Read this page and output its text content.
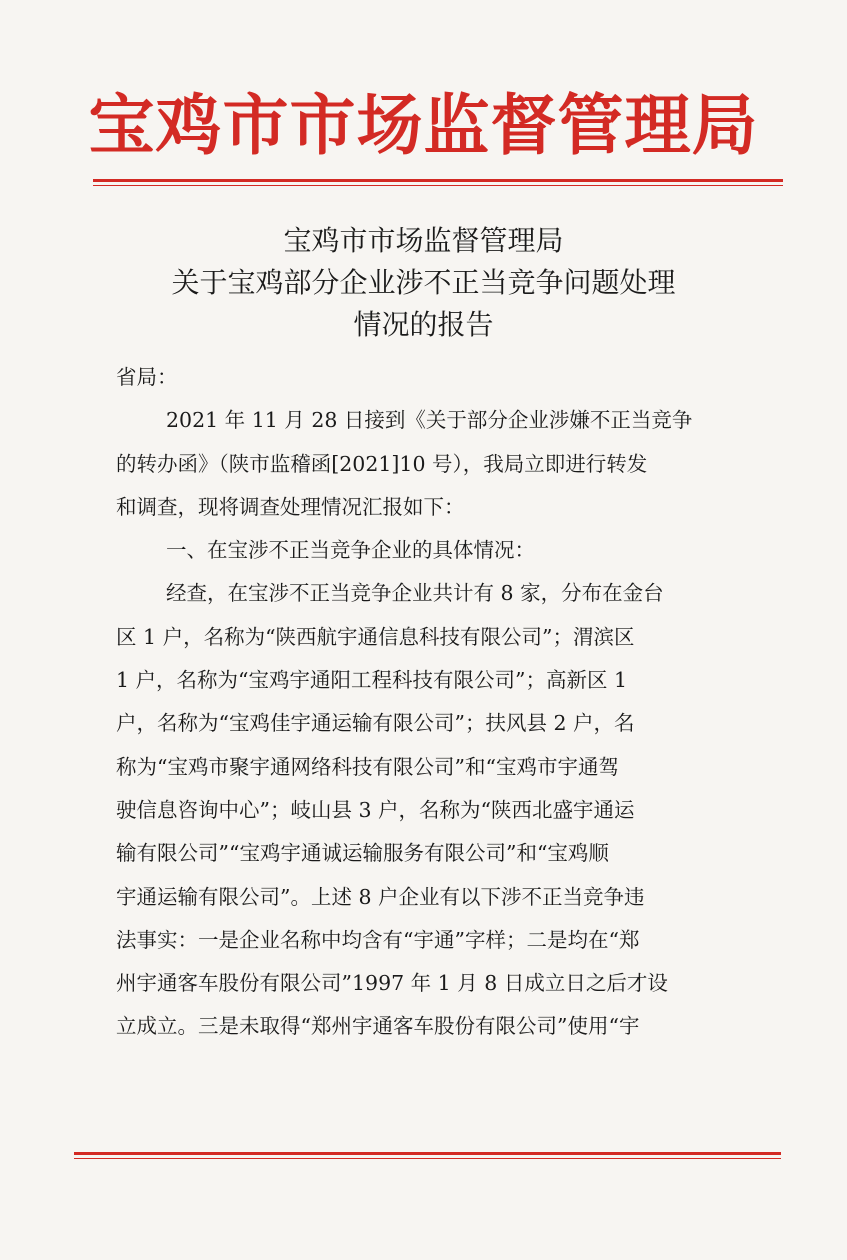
宝鸡市市场监督管理局
宝鸡市市场监督管理局
关于宝鸡部分企业涉不正当竞争问题处理
情况的报告
省局：
2021 年 11 月 28 日接到《关于部分企业涉嫌不正当竞争
的转办函》（陕市监稽函[2021]10 号），我局立即进行转发
和调查，现将调查处理情况汇报如下：
一、在宝涉不正当竞争企业的具体情况：
经查，在宝涉不正当竞争企业共计有 8 家，分布在金台
区 1 户，名称为“陕西航宇通信息科技有限公司”；渭滨区
1 户，名称为“宝鸡宇通阳工程科技有限公司”；高新区 1
户，名称为“宝鸡佳宇通运输有限公司”；扶风县 2 户，名
称为“宝鸡市聚宇通网络科技有限公司”和“宝鸡市宇通驾
驶信息咨询中心”；岐山县 3 户，名称为“陕西北盛宇通运
输有限公司”“宝鸡宇通诚运输服务有限公司”和“宝鸡顺
宇通运输有限公司”。上述 8 户企业有以下涉不正当竞争违
法事实：一是企业名称中均含有“宇通”字样；二是均在“郑
州宇通客车股份有限公司”1997 年 1 月 8 日成立日之后才设
立成立。三是未取得“郑州宇通客车股份有限公司”使用“宇
